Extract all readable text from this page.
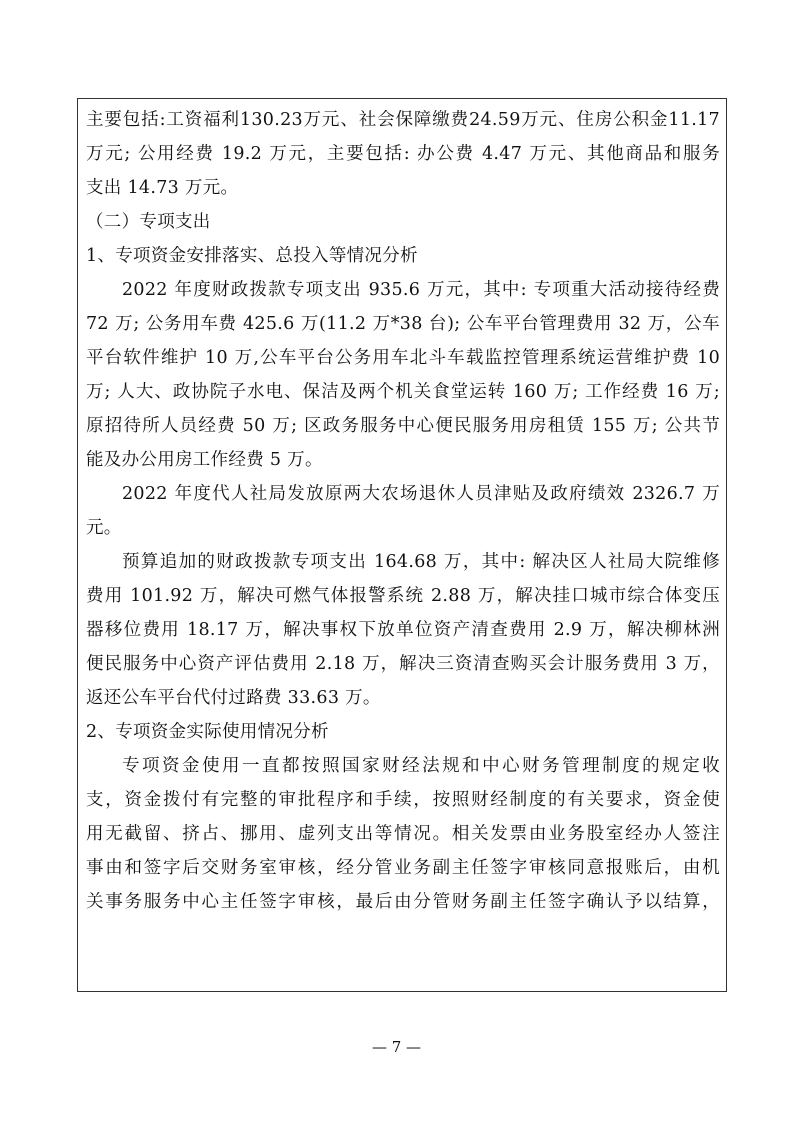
主要包括:工资福利130.23万元、社会保障缴费24.59万元、住房公积金11.17
万元; 公用经费 19.2 万元，主要包括: 办公费 4.47 万元、其他商品和服务
支出 14.73 万元。
（二）专项支出
1、专项资金安排落实、总投入等情况分析
2022 年度财政拨款专项支出 935.6 万元，其中: 专项重大活动接待经费
72 万; 公务用车费 425.6 万(11.2 万*38 台); 公车平台管理费用 32 万，公车
平台软件维护 10 万,公车平台公务用车北斗车载监控管理系统运营维护费 10
万; 人大、政协院子水电、保洁及两个机关食堂运转 160 万; 工作经费 16 万;
原招待所人员经费 50 万; 区政务服务中心便民服务用房租赁 155 万; 公共节
能及办公用房工作经费 5 万。
2022 年度代人社局发放原两大农场退休人员津贴及政府绩效 2326.7 万
元。
预算追加的财政拨款专项支出 164.68 万，其中: 解决区人社局大院维修
费用 101.92 万，解决可燃气体报警系统 2.88 万，解决挂口城市综合体变压
器移位费用 18.17 万，解决事权下放单位资产清查费用 2.9 万，解决柳林洲
便民服务中心资产评估费用 2.18 万，解决三资清查购买会计服务费用 3 万，
返还公车平台代付过路费 33.63 万。
2、专项资金实际使用情况分析
专项资金使用一直都按照国家财经法规和中心财务管理制度的规定收
支，资金拨付有完整的审批程序和手续，按照财经制度的有关要求，资金使
用无截留、挤占、挪用、虚列支出等情况。相关发票由业务股室经办人签注
事由和签字后交财务室审核，经分管业务副主任签字审核同意报账后，由机
关事务服务中心主任签字审核，最后由分管财务副主任签字确认予以结算，
— 7 —
